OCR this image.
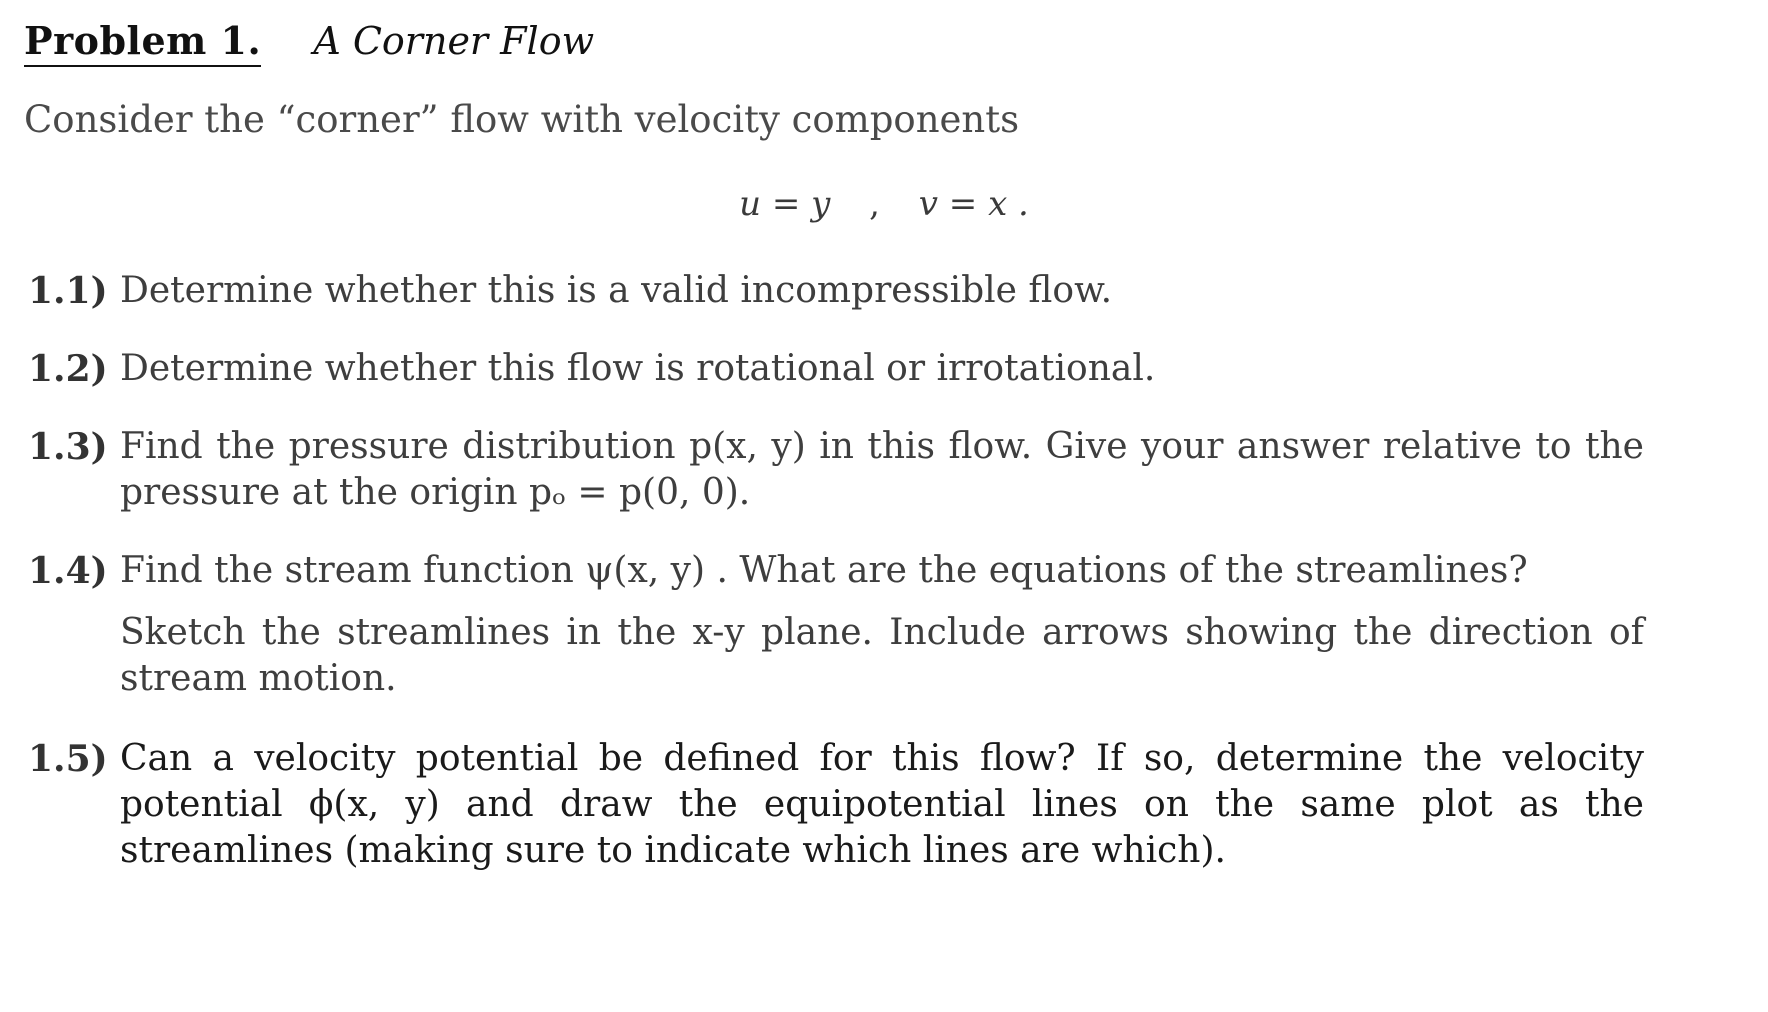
Problem 1. A Corner Flow
Consider the “corner” flow with velocity components
u = y , v = x .
1.1) Determine whether this is a valid incompressible flow.
1.2) Determine whether this flow is rotational or irrotational.
1.3) Find the pressure distribution p(x, y) in this flow. Give your answer relative to the pressure at the origin pₒ = p(0, 0).
1.4) Find the stream function ψ(x, y) . What are the equations of the streamlines?
Sketch the streamlines in the x-y plane. Include arrows showing the direction of stream motion.
1.5) Can a velocity potential be defined for this flow? If so, determine the velocity potential ϕ(x, y) and draw the equipotential lines on the same plot as the streamlines (making sure to indicate which lines are which).
